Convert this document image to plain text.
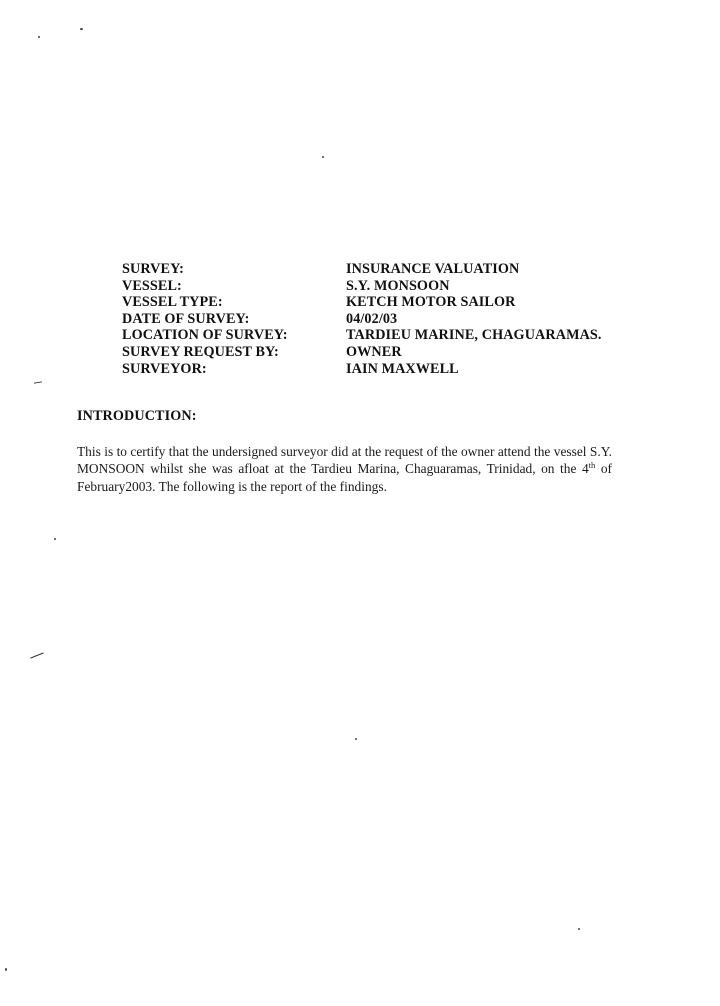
SURVEY:	INSURANCE VALUATION
VESSEL:	S.Y. MONSOON
VESSEL TYPE:	KETCH MOTOR SAILOR
DATE OF SURVEY:	04/02/03
LOCATION OF SURVEY:	TARDIEU MARINE, CHAGUARAMAS.
SURVEY REQUEST BY:	OWNER
SURVEYOR:	IAIN MAXWELL
INTRODUCTION:

This is to certify that the undersigned surveyor did at the request of the owner attend the vessel S.Y. MONSOON whilst she was afloat at the Tardieu Marina, Chaguaramas, Trinidad, on the 4th of February2003. The following is the report of the findings.
